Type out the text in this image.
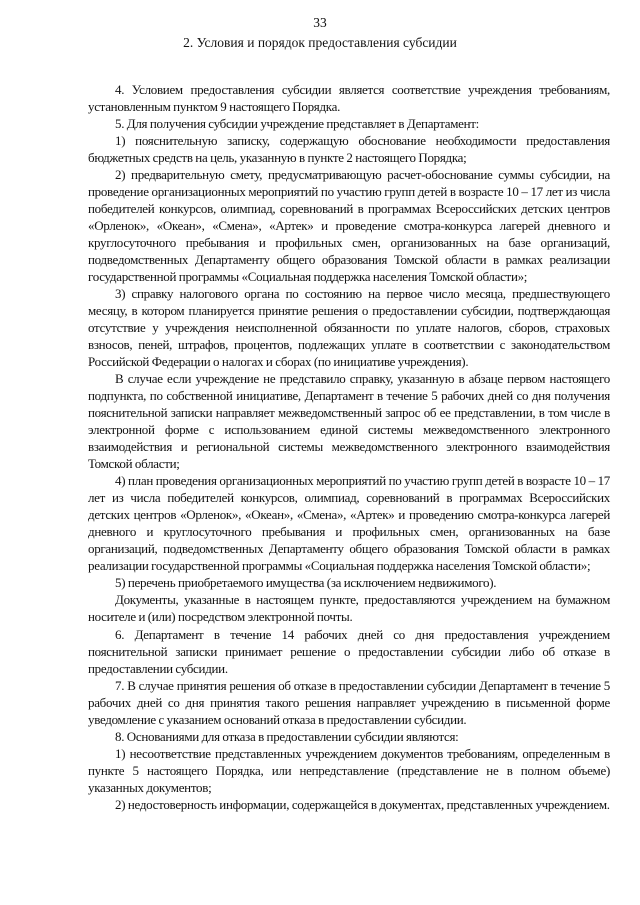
33
2. Условия и порядок предоставления субсидии

4. Условием предоставления субсидии является соответствие учреждения требованиям, установленным пунктом 9 настоящего Порядка.

5. Для получения субсидии учреждение представляет в Департамент:

1) пояснительную записку, содержащую обоснование необходимости предоставления бюджетных средств на цель, указанную в пункте 2 настоящего Порядка;

2) предварительную смету, предусматривающую расчет-обоснование суммы субсидии, на проведение организационных мероприятий по участию групп детей в возрасте 10 – 17 лет из числа победителей конкурсов, олимпиад, соревнований в программах Всероссийских детских центров «Орленок», «Океан», «Смена», «Артек» и проведение смотра-конкурса лагерей дневного и круглосуточного пребывания и профильных смен, организованных на базе организаций, подведомственных Департаменту общего образования Томской области в рамках реализации государственной программы «Социальная поддержка населения Томской области»;

3) справку налогового органа по состоянию на первое число месяца, предшествующего месяцу, в котором планируется принятие решения о предоставлении субсидии, подтверждающая отсутствие у учреждения неисполненной обязанности по уплате налогов, сборов, страховых взносов, пеней, штрафов, процентов, подлежащих уплате в соответствии с законодательством Российской Федерации о налогах и сборах (по инициативе учреждения).

В случае если учреждение не представило справку, указанную в абзаце первом настоящего подпункта, по собственной инициативе, Департамент в течение 5 рабочих дней со дня получения пояснительной записки направляет межведомственный запрос об ее представлении, в том числе в электронной форме с использованием единой системы межведомственного электронного взаимодействия и региональной системы межведомственного электронного взаимодействия Томской области;

4) план проведения организационных мероприятий по участию групп детей в возрасте 10 – 17 лет из числа победителей конкурсов, олимпиад, соревнований в программах Всероссийских детских центров «Орленок», «Океан», «Смена», «Артек» и проведению смотра-конкурса лагерей дневного и круглосуточного пребывания и профильных смен, организованных на базе организаций, подведомственных Департаменту общего образования Томской области в рамках реализации государственной программы «Социальная поддержка населения Томской области»;

5) перечень приобретаемого имущества (за исключением недвижимого).

Документы, указанные в настоящем пункте, предоставляются учреждением на бумажном носителе и (или) посредством электронной почты.

6. Департамент в течение 14 рабочих дней со дня предоставления учреждением пояснительной записки принимает решение о предоставлении субсидии либо об отказе в предоставлении субсидии.

7. В случае принятия решения об отказе в предоставлении субсидии Департамент в течение 5 рабочих дней со дня принятия такого решения направляет учреждению в письменной форме уведомление с указанием оснований отказа в предоставлении субсидии.

8. Основаниями для отказа в предоставлении субсидии являются:

1) несоответствие представленных учреждением документов требованиям, определенным в пункте 5 настоящего Порядка, или непредставление (представление не в полном объеме) указанных документов;

2) недостоверность информации, содержащейся в документах, представленных учреждением.
